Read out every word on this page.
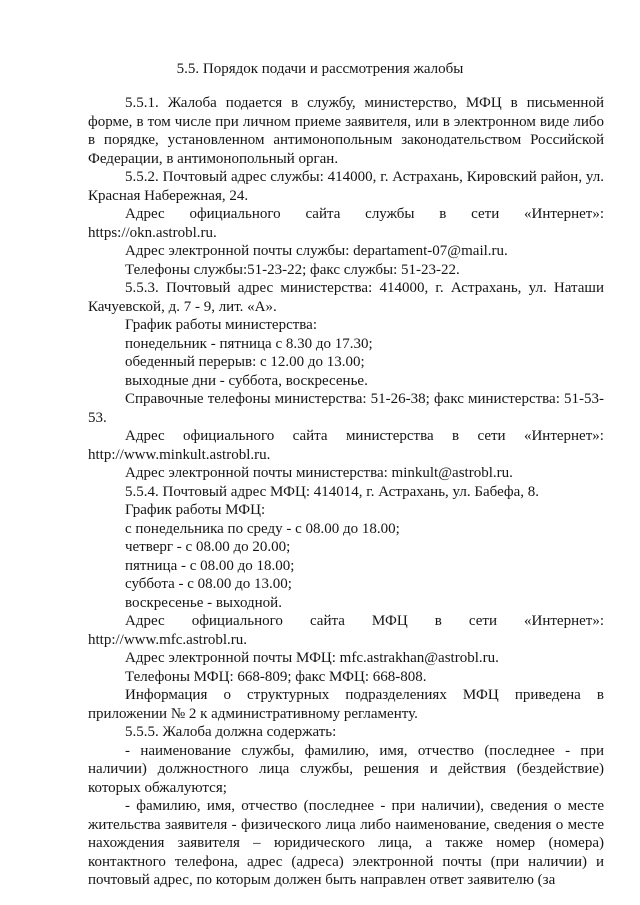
5.5. Порядок подачи и рассмотрения жалобы
5.5.1. Жалоба подается в службу, министерство, МФЦ в письменной форме, в том числе при личном приеме заявителя, или в электронном виде либо в порядке, установленном антимонопольным законодательством Российской Федерации, в антимонопольный орган.
5.5.2. Почтовый адрес службы: 414000, г. Астрахань, Кировский район, ул. Красная Набережная, 24.
Адрес официального сайта службы в сети «Интернет»:
https://okn.astrobl.ru.
Адрес электронной почты службы: departament-07@mail.ru.
Телефоны службы:51-23-22; факс службы: 51-23-22.
5.5.3. Почтовый адрес министерства: 414000, г. Астрахань, ул. Наташи Качуевской, д. 7 - 9, лит. «А».
График работы министерства:
понедельник - пятница с 8.30 до 17.30;
обеденный перерыв: с 12.00 до 13.00;
выходные дни - суббота, воскресенье.
Справочные телефоны министерства: 51-26-38; факс министерства: 51-53-53.
Адрес официального сайта министерства в сети «Интернет»:
http://www.minkult.astrobl.ru.
Адрес электронной почты министерства: minkult@astrobl.ru.
5.5.4. Почтовый адрес МФЦ: 414014, г. Астрахань, ул. Бабефа, 8.
График работы МФЦ:
с понедельника по среду - с 08.00 до 18.00;
четверг - с 08.00 до 20.00;
пятница - с 08.00 до 18.00;
суббота - с 08.00 до 13.00;
воскресенье - выходной.
Адрес официального сайта МФЦ в сети «Интернет»:
http://www.mfc.astrobl.ru.
Адрес электронной почты МФЦ: mfc.astrakhan@astrobl.ru.
Телефоны МФЦ: 668-809; факс МФЦ: 668-808.
Информация о структурных подразделениях МФЦ приведена в приложении № 2 к административному регламенту.
5.5.5. Жалоба должна содержать:
- наименование службы, фамилию, имя, отчество (последнее - при наличии) должностного лица службы, решения и действия (бездействие) которых обжалуются;
- фамилию, имя, отчество (последнее - при наличии), сведения о месте жительства заявителя - физического лица либо наименование, сведения о месте нахождения заявителя – юридического лица, а также номер (номера) контактного телефона, адрес (адреса) электронной почты (при наличии) и почтовый адрес, по которым должен быть направлен ответ заявителю (за
